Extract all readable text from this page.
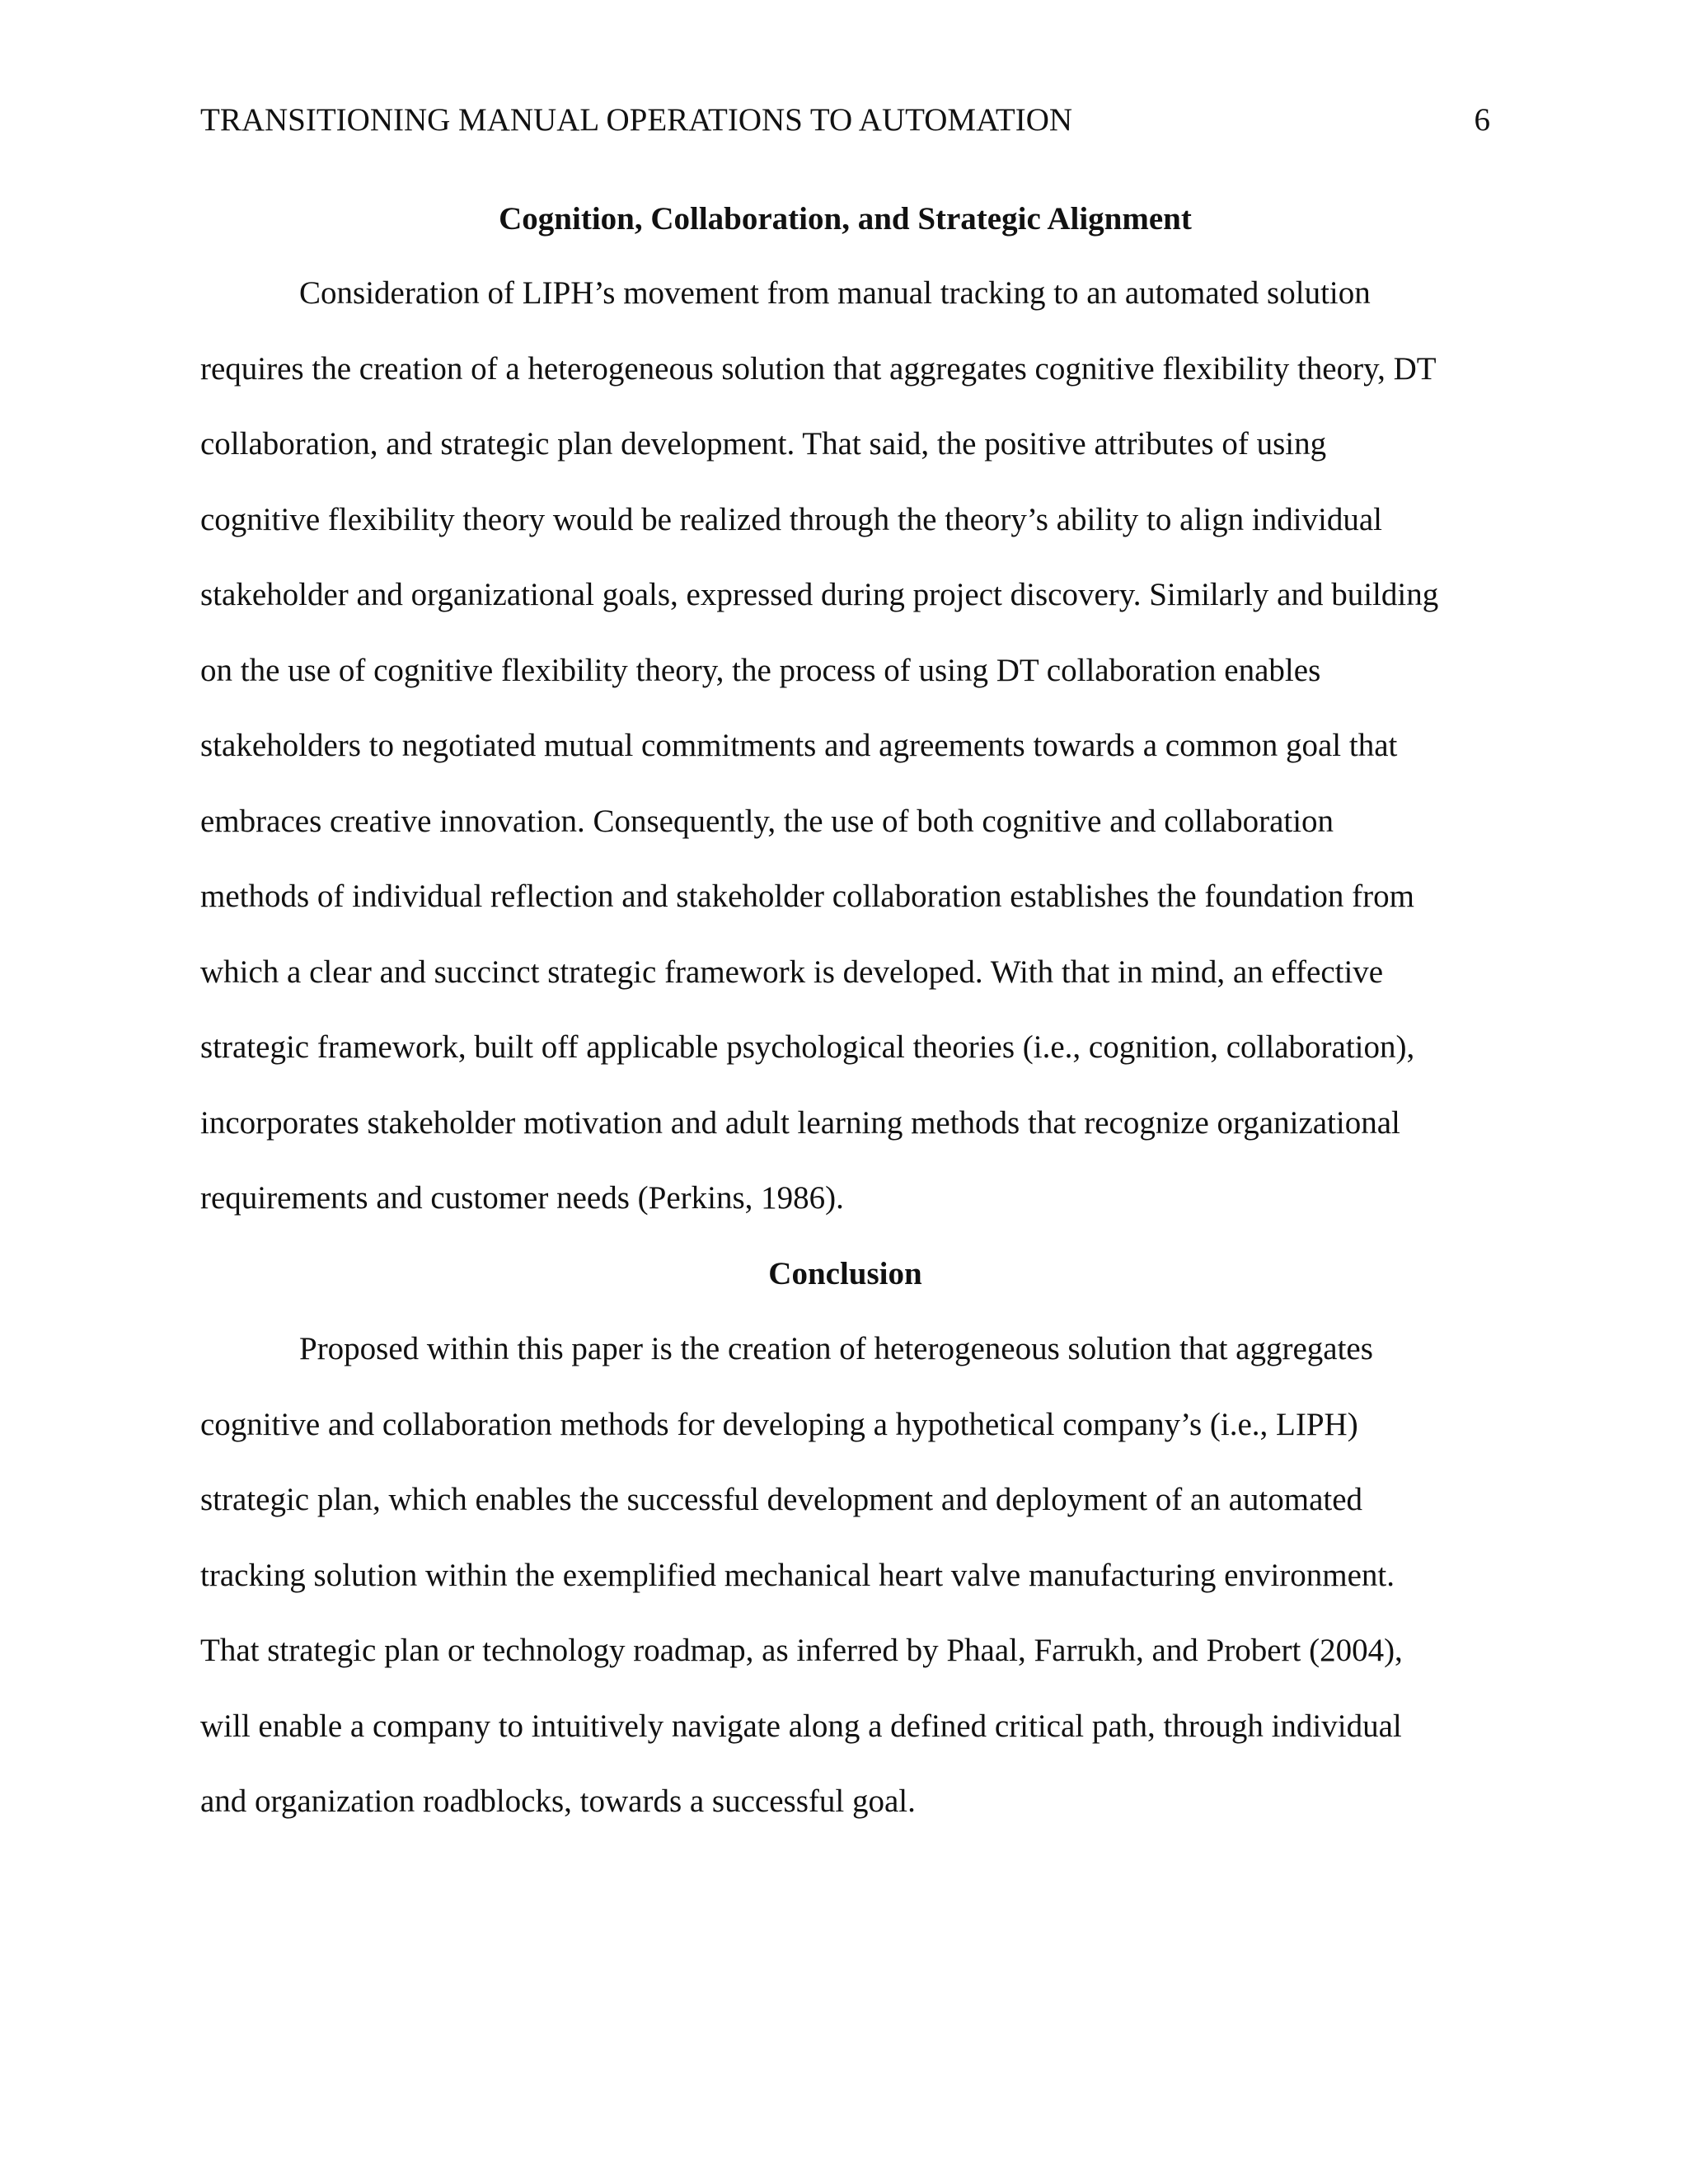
TRANSITIONING MANUAL OPERATIONS TO AUTOMATION	6
Cognition, Collaboration, and Strategic Alignment
Consideration of LIPH’s movement from manual tracking to an automated solution
requires the creation of a heterogeneous solution that aggregates cognitive flexibility theory, DT
collaboration, and strategic plan development. That said, the positive attributes of using
cognitive flexibility theory would be realized through the theory’s ability to align individual
stakeholder and organizational goals, expressed during project discovery. Similarly and building
on the use of cognitive flexibility theory, the process of using DT collaboration enables
stakeholders to negotiated mutual commitments and agreements towards a common goal that
embraces creative innovation. Consequently, the use of both cognitive and collaboration
methods of individual reflection and stakeholder collaboration establishes the foundation from
which a clear and succinct strategic framework is developed. With that in mind, an effective
strategic framework, built off applicable psychological theories (i.e., cognition, collaboration),
incorporates stakeholder motivation and adult learning methods that recognize organizational
requirements and customer needs (Perkins, 1986).
Conclusion
Proposed within this paper is the creation of heterogeneous solution that aggregates
cognitive and collaboration methods for developing a hypothetical company’s (i.e., LIPH)
strategic plan, which enables the successful development and deployment of an automated
tracking solution within the exemplified mechanical heart valve manufacturing environment.
That strategic plan or technology roadmap, as inferred by Phaal, Farrukh, and Probert (2004),
will enable a company to intuitively navigate along a defined critical path, through individual
and organization roadblocks, towards a successful goal.
